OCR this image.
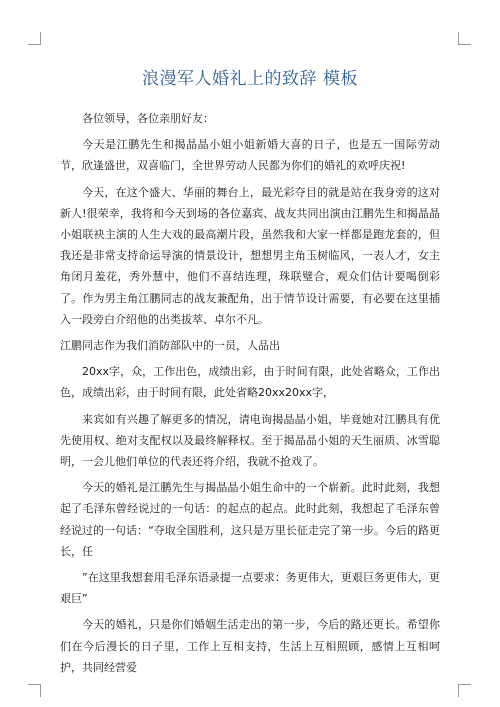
浪漫军人婚礼上的致辞 模板

各位领导，各位亲朋好友：

今天是江鹏先生和揭晶晶小姐小姐新婚大喜的日子，也是五一国际劳动节，欣逢盛世，双喜临门，全世界劳动人民都为你们的婚礼的欢呼庆祝!

今天，在这个盛大、华丽的舞台上，最光彩夺目的就是站在我身旁的这对新人!很荣幸，我将和今天到场的各位嘉宾、战友共同出演由江鹏先生和揭晶晶小姐联袂主演的人生大戏的最高潮片段，虽然我和大家一样都是跑龙套的，但我还是非常支持命运导演的情景设计，想想男主角玉树临风，一表人才，女主角闭月羞花，秀外慧中，他们不喜结连理，珠联璧合，观众们估计要喝倒彩了。作为男主角江鹏同志的战友兼配角，出于情节设计需要，有必要在这里插入一段旁白介绍他的出类拔萃、卓尔不凡。

江鹏同志作为我们消防部队中的一员，人品出

20xx字，众，工作出色，成绩出彩，由于时间有限，此处省略众，工作出色，成绩出彩，由于时间有限，此处省略20xx20xx字，

来宾如有兴趣了解更多的情况，请电询揭晶晶小姐，毕竟她对江鹏具有优先使用权、绝对支配权以及最终解释权。至于揭晶晶小姐的天生丽质、冰雪聪明，一会儿他们单位的代表还将介绍，我就不抢戏了。

今天的婚礼是江鹏先生与揭晶晶小姐生命中的一个崭新。此时此刻，我想起了毛泽东曾经说过的一句话：的起点的起点。此时此刻，我想起了毛泽东曾经说过的一句话：“夺取全国胜利，这只是万里长征走完了第一步。今后的路更长，任

”在这里我想套用毛泽东语录提一点要求：务更伟大，更艰巨务更伟大，更艰巨”

今天的婚礼，只是你们婚姻生活走出的第一步，今后的路还更长。希望你们在今后漫长的日子里，工作上互相支持，生活上互相照顾，感情上互相呵护，共同经营爱
